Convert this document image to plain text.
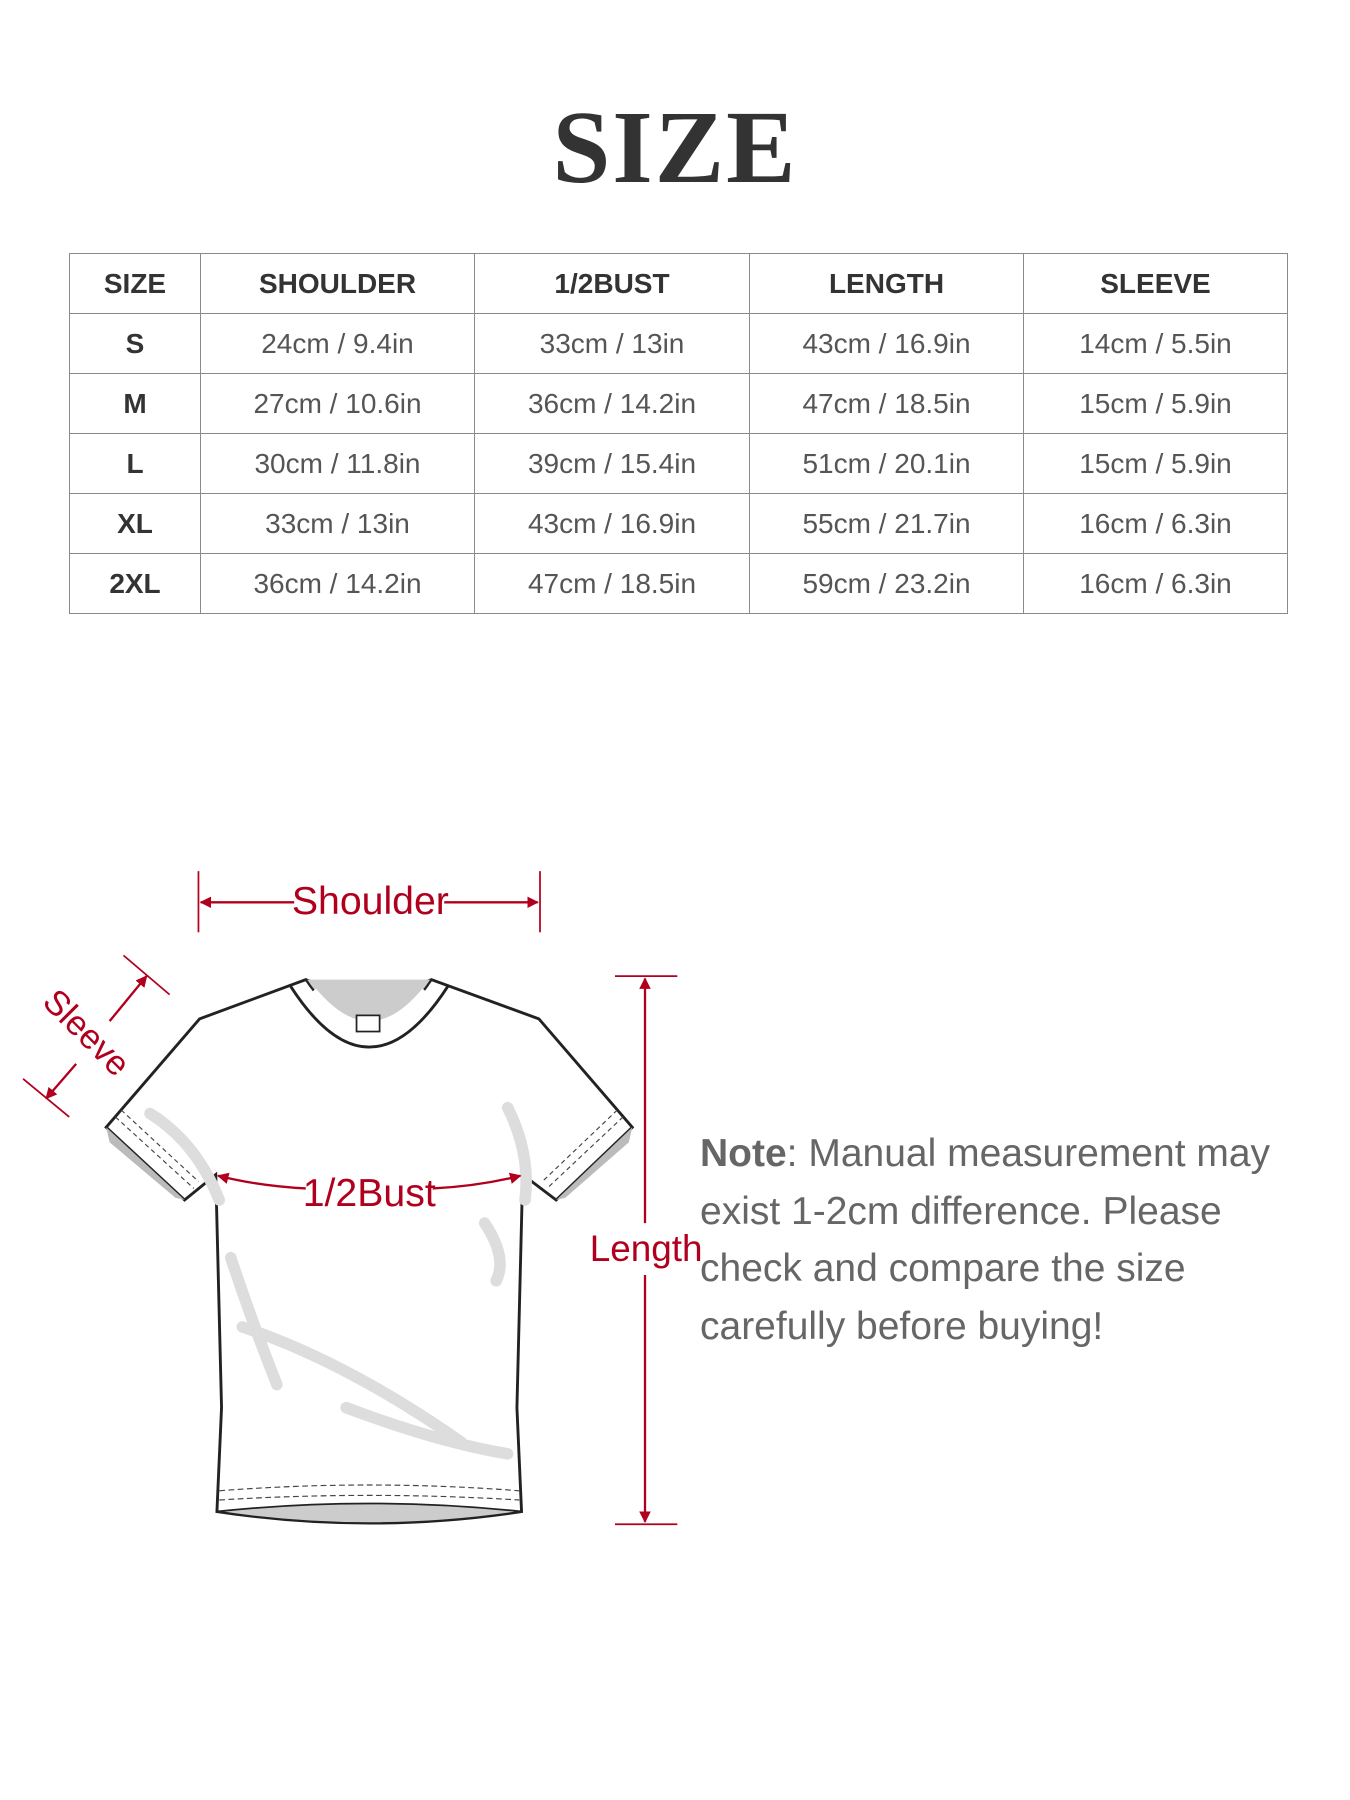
SIZE
SIZE	SHOULDER	1/2BUST	LENGTH	SLEEVE
S	24cm / 9.4in	33cm / 13in	43cm / 16.9in	14cm / 5.5in
M	27cm / 10.6in	36cm / 14.2in	47cm / 18.5in	15cm / 5.9in
L	30cm / 11.8in	39cm / 15.4in	51cm / 20.1in	15cm / 5.9in
XL	33cm / 13in	43cm / 16.9in	55cm / 21.7in	16cm / 6.3in
2XL	36cm / 14.2in	47cm / 18.5in	59cm / 23.2in	16cm / 6.3in
Shoulder
Sleeve
1/2Bust
Length
Note: Manual measurement may exist 1-2cm difference. Please check and compare the size carefully before buying!
